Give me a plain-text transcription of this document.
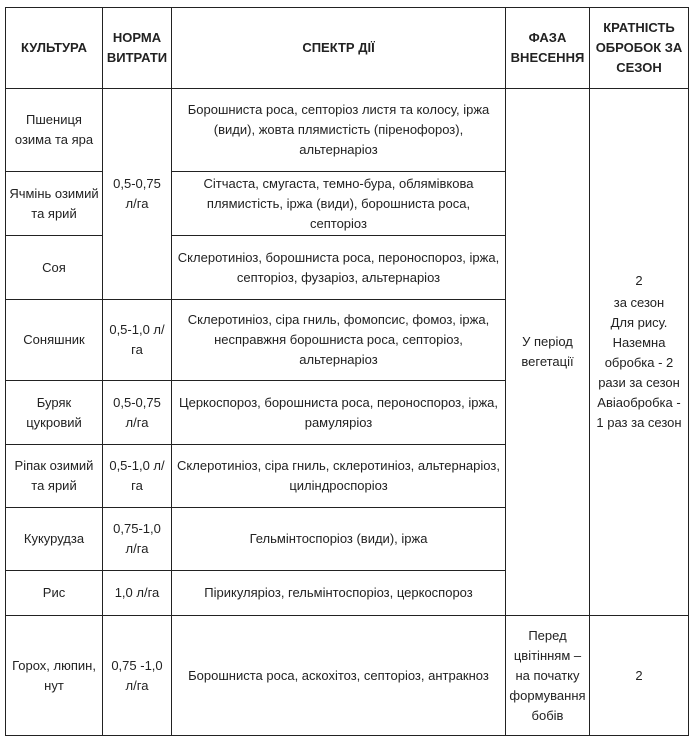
КУЛЬТУРА	НОРМА ВИТРАТИ	СПЕКТР ДІЇ	ФАЗА ВНЕСЕННЯ	КРАТНІСТЬ ОБРОБОК ЗА СЕЗОН
Пшениця озима та яра	0,5-0,75 л/га	Борошниста роса, септоріоз листя та колосу, іржа (види), жовта плямистість (піренофороз), альтернаріоз	У період вегетації	2
за сезон
Для рису.
Наземна обробка - 2 рази за сезон
Авіаобробка - 1 раз за сезон

Ячмінь озимий та ярий		Сітчаста, смугаста, темно-бура, облямівкова плямистість, іржа (види), борошниста роса, септоріоз		
Соя		Склеротиніоз, борошниста роса, пероноспороз, іржа, септоріоз, фузаріоз, альтернаріоз		
Соняшник	0,5-1,0 л/га	Склеротиніоз, сіра гниль, фомопсис, фомоз, іржа, несправжня борошниста роса, септоріоз, альтернаріоз		
Буряк цукровий	0,5-0,75 л/га	Церкоспороз, борошниста роса, пероноспороз, іржа, рамуляріоз		
Ріпак озимий та ярий	0,5-1,0 л/га	Склеротиніоз, сіра гниль, склеротиніоз, альтернаріоз, циліндроспоріоз		
Кукурудза	0,75-1,0 л/га	Гельмінтоспоріоз (види), іржа		
Рис	1,0 л/га	Пірикуляріоз, гельмінтоспоріоз, церкоспороз		
Горох, люпин, нут	0,75 -1,0 л/га	Борошниста роса, аскохітоз, септоріоз, антракноз	Перед цвітінням – на початку формування бобів	2
